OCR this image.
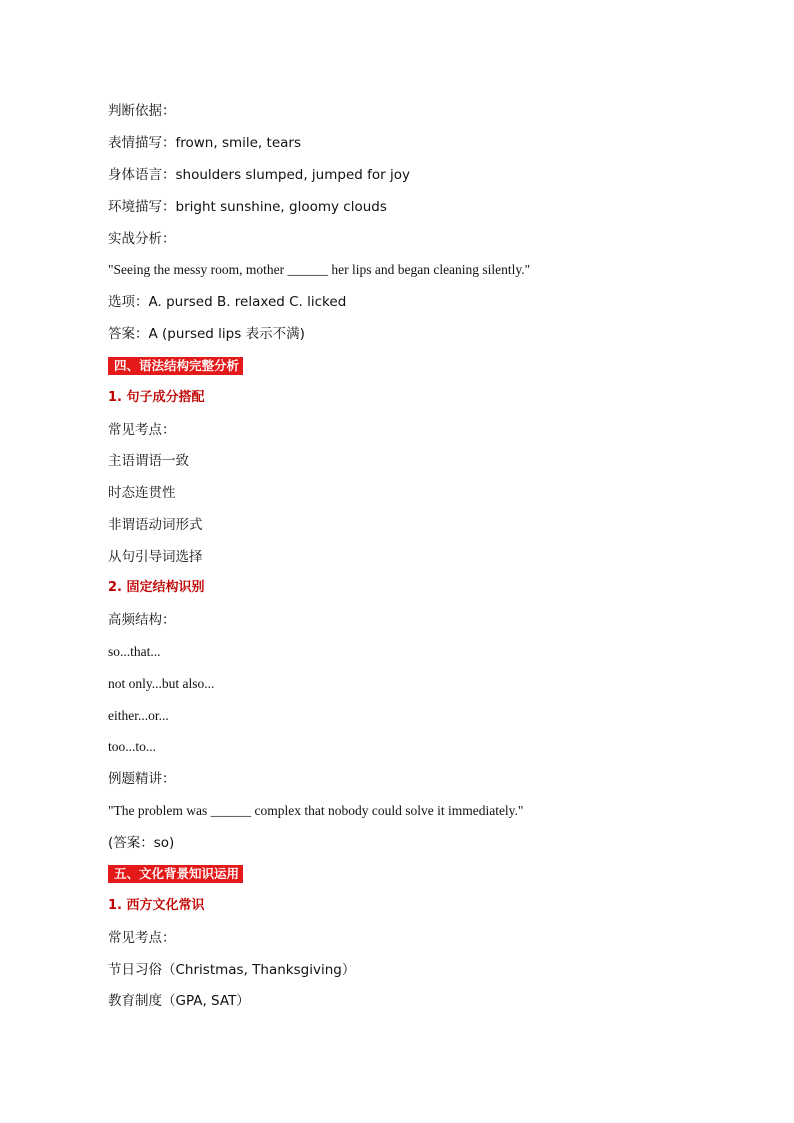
判断依据：
表情描写：frown, smile, tears
身体语言：shoulders slumped, jumped for joy
环境描写：bright sunshine, gloomy clouds
实战分析：
"Seeing the messy room, mother ______ her lips and began cleaning silently."
选项：A. pursed B. relaxed C. licked
答案：A (pursed lips 表示不满)
四、语法结构完整分析
1. 句子成分搭配
常见考点：
主语谓语一致
时态连贯性
非谓语动词形式
从句引导词选择
2. 固定结构识别
高频结构：
so...that...
not only...but also...
either...or...
too...to...
例题精讲：
"The problem was ______ complex that nobody could solve it immediately."
(答案：so)
五、文化背景知识运用
1. 西方文化常识
常见考点：
节日习俗（Christmas, Thanksgiving）
教育制度（GPA, SAT）
